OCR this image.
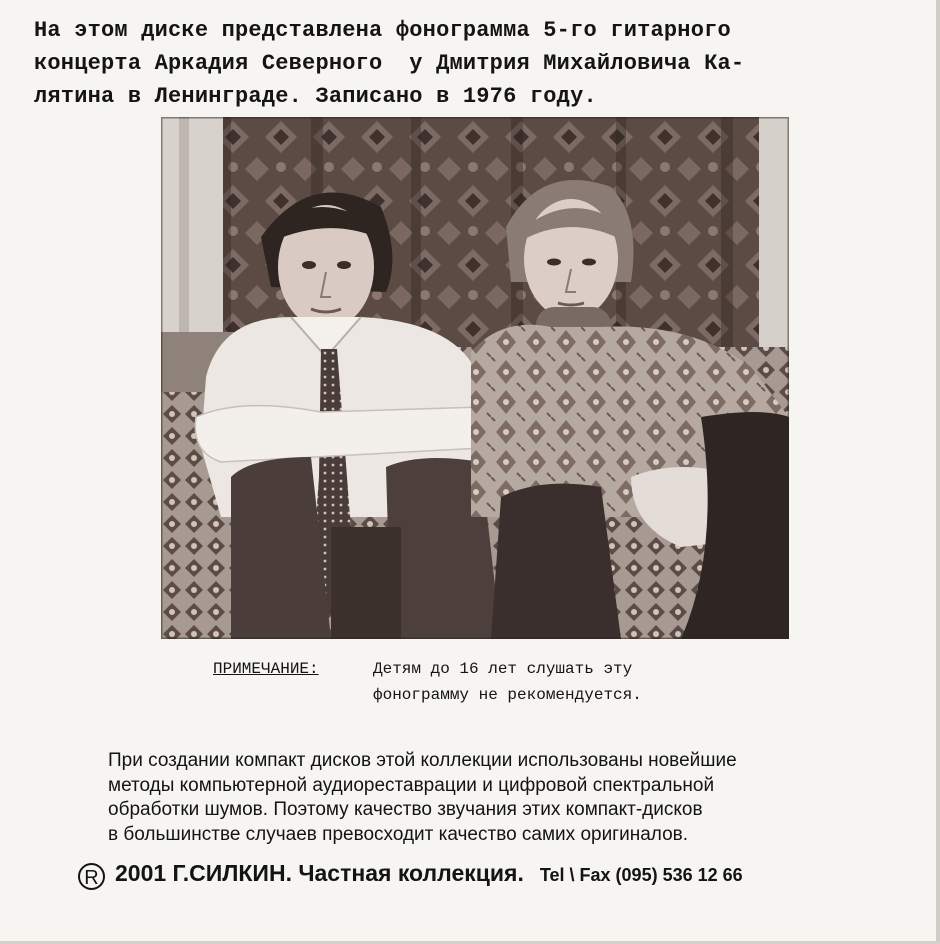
На этом диске представлена фонограмма 5-го гитарного
концерта Аркадия Северного  у Дмитрия Михайловича Ка-
лятина в Ленинграде. Записано в 1976 году.
ПРИМЕЧАНИЕ:	Детям до 16 лет слушать эту
фонограмму не рекомендуется.
При создании компакт дисков этой коллекции использованы новейшие
методы компьютерной аудиореставрации и цифровой спектральной
обработки шумов. Поэтому качество звучания этих компакт-дисков
в большинстве случаев превосходит качество самих оригиналов.
R 2001 Г.СИЛКИН. Частная коллекция. Tel \ Fax (095) 536 12 66
